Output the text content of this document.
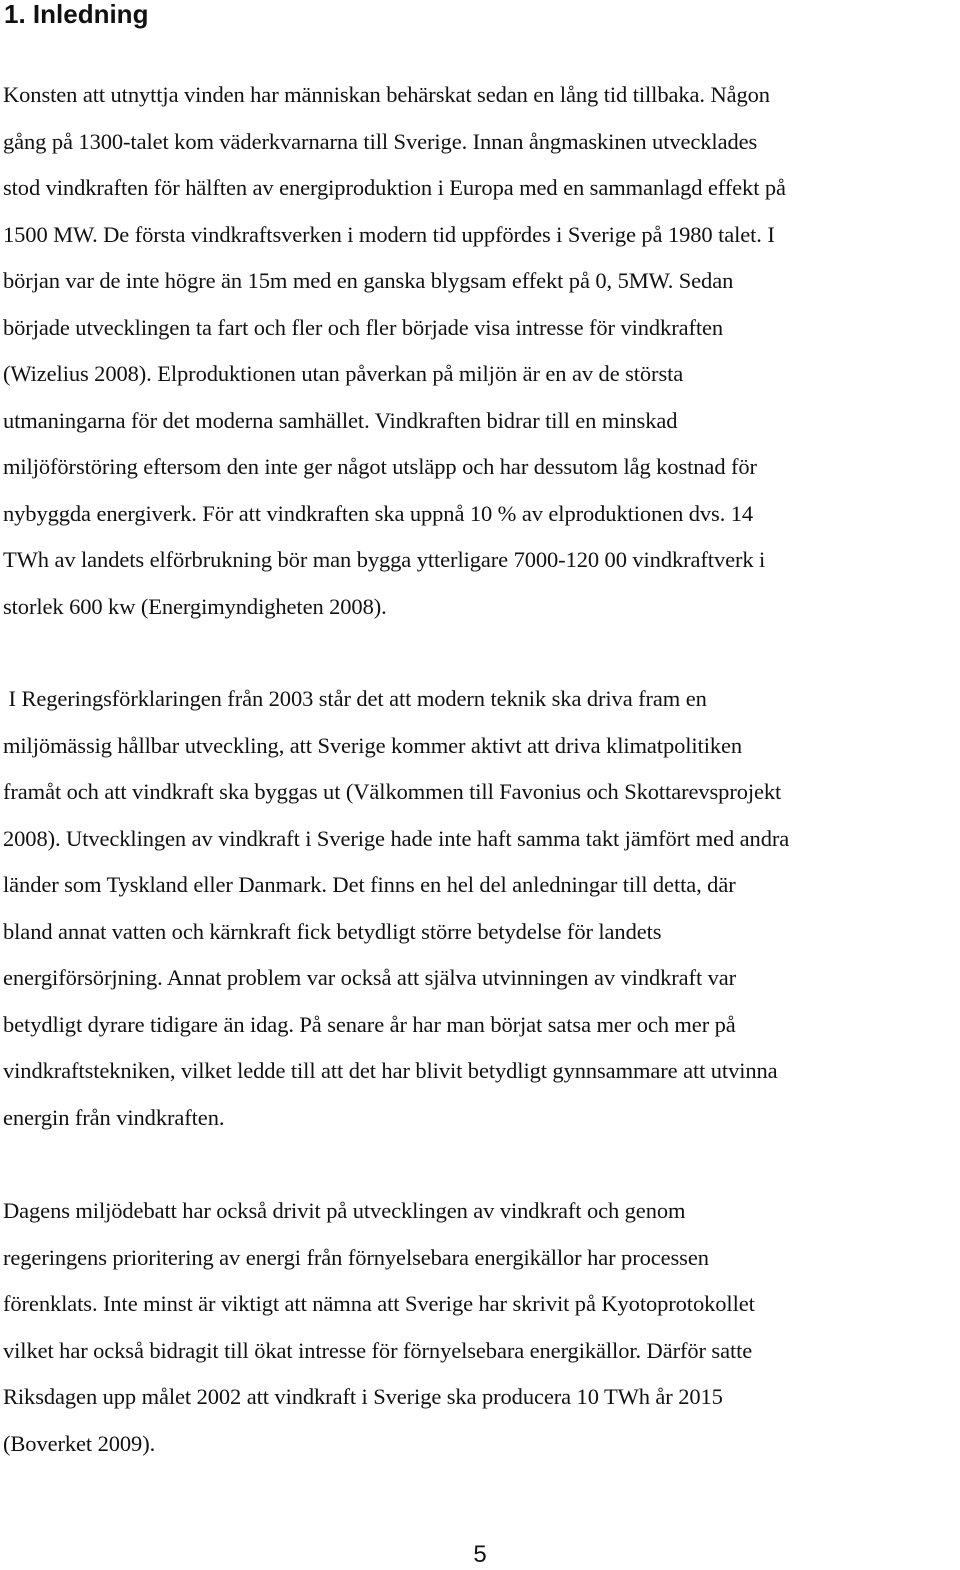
1. Inledning

Konsten att utnyttja vinden har människan behärskat sedan en lång tid tillbaka. Någon
gång på 1300-talet kom väderkvarnarna till Sverige. Innan ångmaskinen utvecklades
stod vindkraften för hälften av energiproduktion i Europa med en sammanlagd effekt på
1500 MW. De första vindkraftsverken i modern tid uppfördes i Sverige på 1980 talet. I
början var de inte högre än 15m med en ganska blygsam effekt på 0, 5MW. Sedan
började utvecklingen ta fart och fler och fler började visa intresse för vindkraften
(Wizelius 2008). Elproduktionen utan påverkan på miljön är en av de största
utmaningarna för det moderna samhället. Vindkraften bidrar till en minskad
miljöförstöring eftersom den inte ger något utsläpp och har dessutom låg kostnad för
nybyggda energiverk. För att vindkraften ska uppnå 10 % av elproduktionen dvs. 14
TWh av landets elförbrukning bör man bygga ytterligare 7000-120 00 vindkraftverk i
storlek 600 kw (Energimyndigheten 2008).

I Regeringsförklaringen från 2003 står det att modern teknik ska driva fram en
miljömässig hållbar utveckling, att Sverige kommer aktivt att driva klimatpolitiken
framåt och att vindkraft ska byggas ut (Välkommen till Favonius och Skottarevsprojekt
2008). Utvecklingen av vindkraft i Sverige hade inte haft samma takt jämfört med andra
länder som Tyskland eller Danmark. Det finns en hel del anledningar till detta, där
bland annat vatten och kärnkraft fick betydligt större betydelse för landets
energiförsörjning. Annat problem var också att själva utvinningen av vindkraft var
betydligt dyrare tidigare än idag. På senare år har man börjat satsa mer och mer på
vindkraftstekniken, vilket ledde till att det har blivit betydligt gynnsammare att utvinna
energin från vindkraften.

Dagens miljödebatt har också drivit på utvecklingen av vindkraft och genom
regeringens prioritering av energi från förnyelsebara energikällor har processen
förenklats. Inte minst är viktigt att nämna att Sverige har skrivit på Kyotoprotokollet
vilket har också bidragit till ökat intresse för förnyelsebara energikällor. Därför satte
Riksdagen upp målet 2002 att vindkraft i Sverige ska producera 10 TWh år 2015
(Boverket 2009).

5
